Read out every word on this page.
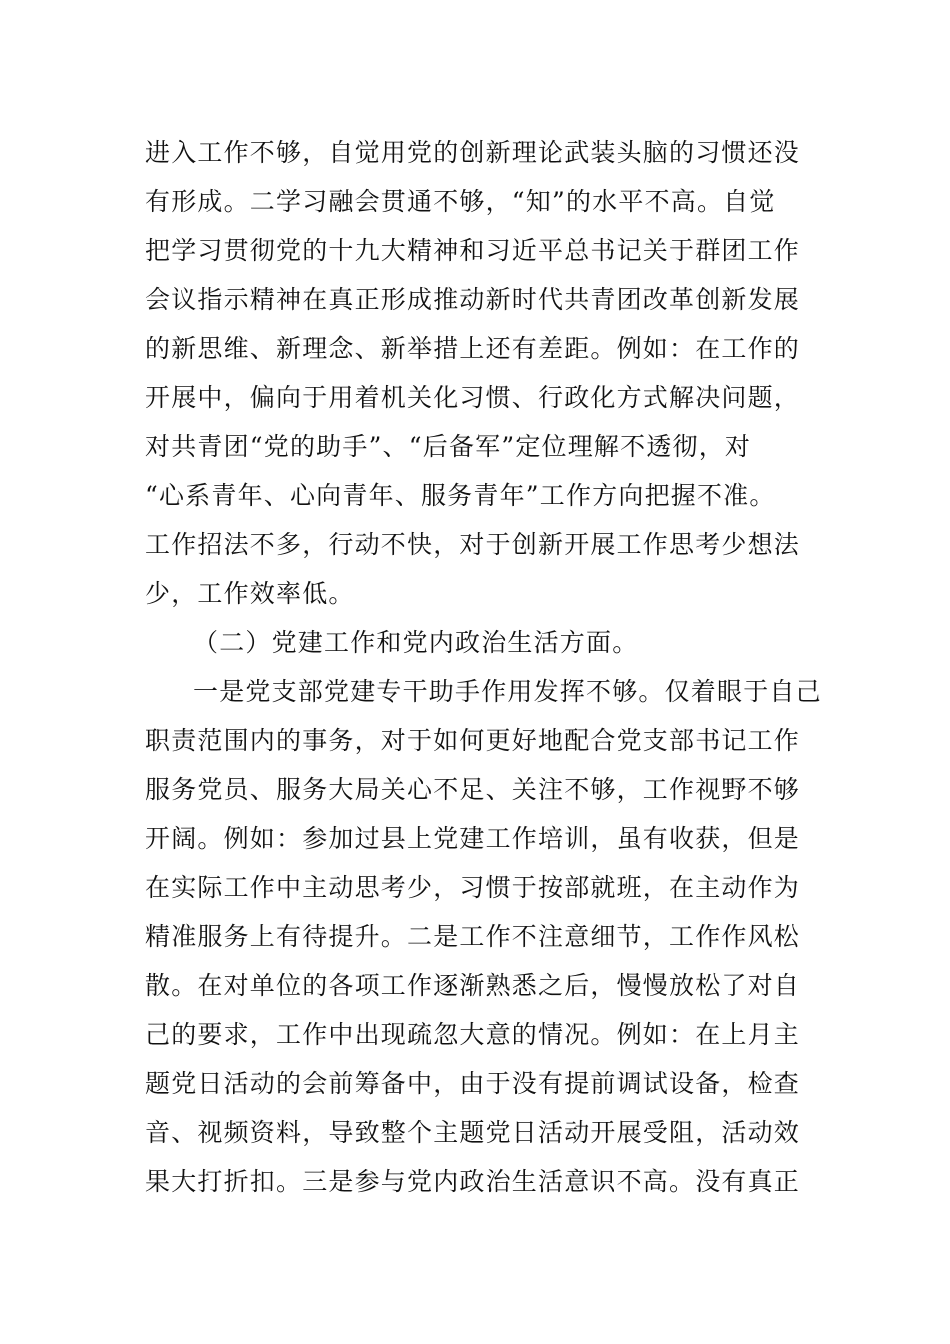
进入工作不够，自觉用党的创新理论武装头脑的习惯还没
有形成。二学习融会贯通不够，“知”的水平不高。自觉
把学习贯彻党的十九大精神和习近平总书记关于群团工作
会议指示精神在真正形成推动新时代共青团改革创新发展
的新思维、新理念、新举措上还有差距。例如：在工作的
开展中，偏向于用着机关化习惯、行政化方式解决问题，
对共青团“党的助手”、“后备军”定位理解不透彻，对
“心系青年、心向青年、服务青年”工作方向把握不准。
工作招法不多，行动不快，对于创新开展工作思考少想法
少，工作效率低。
（二）党建工作和党内政治生活方面。
一是党支部党建专干助手作用发挥不够。仅着眼于自己
职责范围内的事务，对于如何更好地配合党支部书记工作
服务党员、服务大局关心不足、关注不够，工作视野不够
开阔。例如：参加过县上党建工作培训，虽有收获，但是
在实际工作中主动思考少，习惯于按部就班，在主动作为
精准服务上有待提升。二是工作不注意细节，工作作风松
散。在对单位的各项工作逐渐熟悉之后，慢慢放松了对自
己的要求，工作中出现疏忽大意的情况。例如：在上月主
题党日活动的会前筹备中，由于没有提前调试设备，检查
音、视频资料，导致整个主题党日活动开展受阻，活动效
果大打折扣。三是参与党内政治生活意识不高。没有真正
